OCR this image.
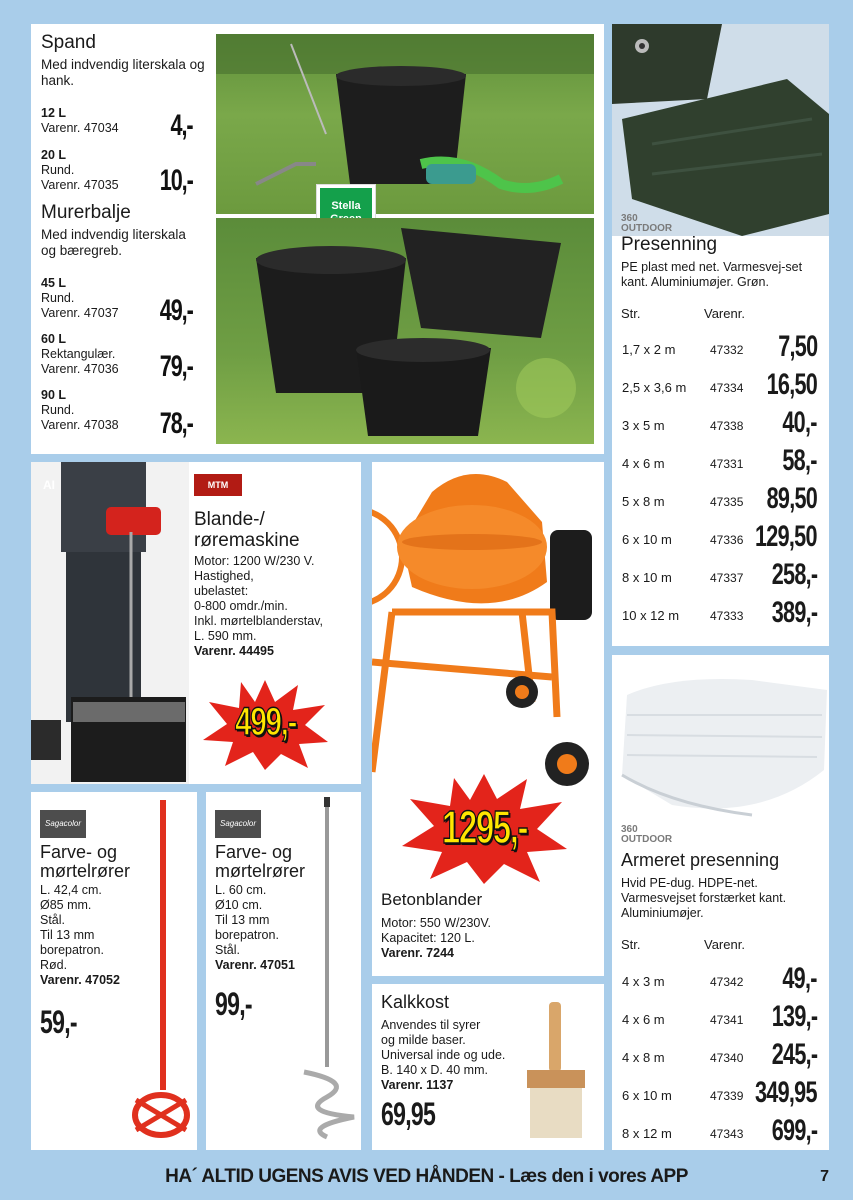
Spand
Med indvendig literskala og hank.
12 L
Varenr. 47034	4,-
20 L
Rund.
Varenr. 47035	10,-
Murerbalje
Med indvendig literskala og bæregreb.
45 L
Rund.
Varenr. 47037 49,-
60 L
Rektangulær.
Varenr. 47036 79,-
90 L
Rund.
Varenr. 47038 78,-
Stella
360 OUTDOOR
Presenning
PE plast med net. Varmesvej-set kant. Aluminiumøjer. Grøn.
Str.	Varenr.
1,7 x 2 m	47332 7,50
2,5 x 3,6 m 47334 16,50
3 x 5 m	47338 40,-
4 x 6 m	47331 58,-
5 x 8 m	47335 89,50
6 x 10 m	47336 129,50
8 x 10 m	47337 258,-
10 x 12 m	47333 389,-
AI	MTM
Blande-/
røremaskine
Motor: 1200 W/230 V.
Hastighed,
ubelastet:
0-800 omdr./min.
Inkl. mørtelblanderstav,
L. 590 mm.
Varenr. 44495
499,-
1295,-
Betonblander
Motor: 550 W/230V.
Kapacitet: 120 L.
Varenr. 7244
Sagacolor
Farve- og
mørtelrører
L. 42,4 cm.
Ø85 mm.
Stål.
Til 13 mm
borepatron.
Rød.
Varenr. 47052
59,-
Sagacolor
Farve- og
mørtelrører
L. 60 cm.
Ø10 cm.
Til 13 mm
borepatron.
Stål.
Varenr. 47051
99,-	Kalkkost
Anvendes til syrer
og milde baser.
Universal inde og ude.
B. 140 x D. 40 mm.
Varenr. 1137
69,95
360 OUTDOOR
Armeret presenning
Hvid PE-dug. HDPE-net.
Varmesvejset forstærket kant.
Aluminiumøjer.
Str.	Varenr.
4 x 3 m	47342 49,-
4 x 6 m	47341 139,-
4 x 8 m	47340 245,-
6 x 10 m	47339 349,95
8 x 12 m	47343 699,-
HA´ ALTID UGENS AVIS VED HÅNDEN - Læs den i vores APP	7
